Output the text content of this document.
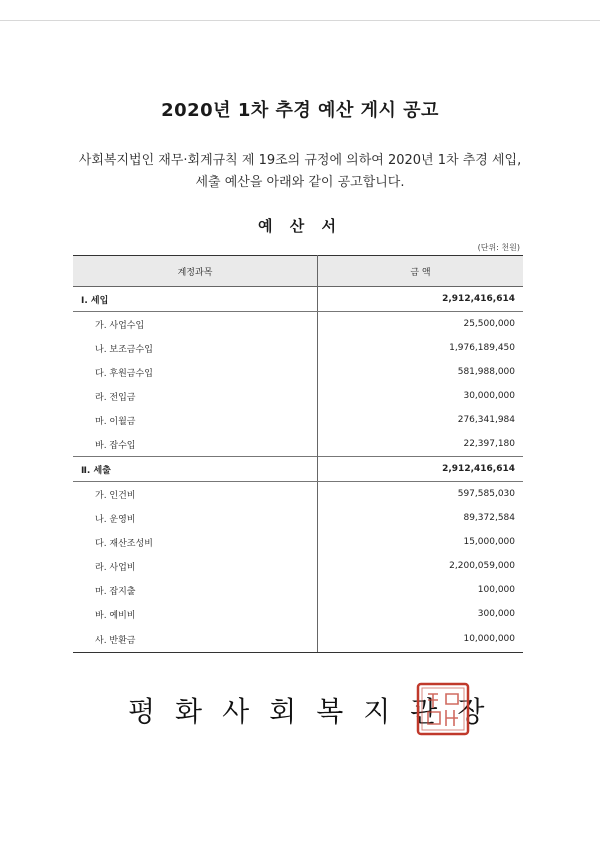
2020년 1차 추경 예산 게시 공고
사회복지법인 재무·회계규칙 제 19조의 규정에 의하여 2020년 1차 추경 세입,
세출 예산을 아래와 같이 공고합니다.
예 산 서
(단위: 천원)
계정과목	금 액
Ⅰ. 세입	2,912,416,614
가. 사업수입	25,500,000
나. 보조금수입	1,976,189,450
다. 후원금수입	581,988,000
라. 전입금	30,000,000
마. 이월금	276,341,984
바. 잡수입	22,397,180
Ⅱ. 세출	2,912,416,614
가. 인건비	597,585,030
나. 운영비	89,372,584
다. 재산조성비	15,000,000
라. 사업비	2,200,059,000
마. 잡지출	100,000
바. 예비비	300,000
사. 반환금	10,000,000
평화사회복지관장
